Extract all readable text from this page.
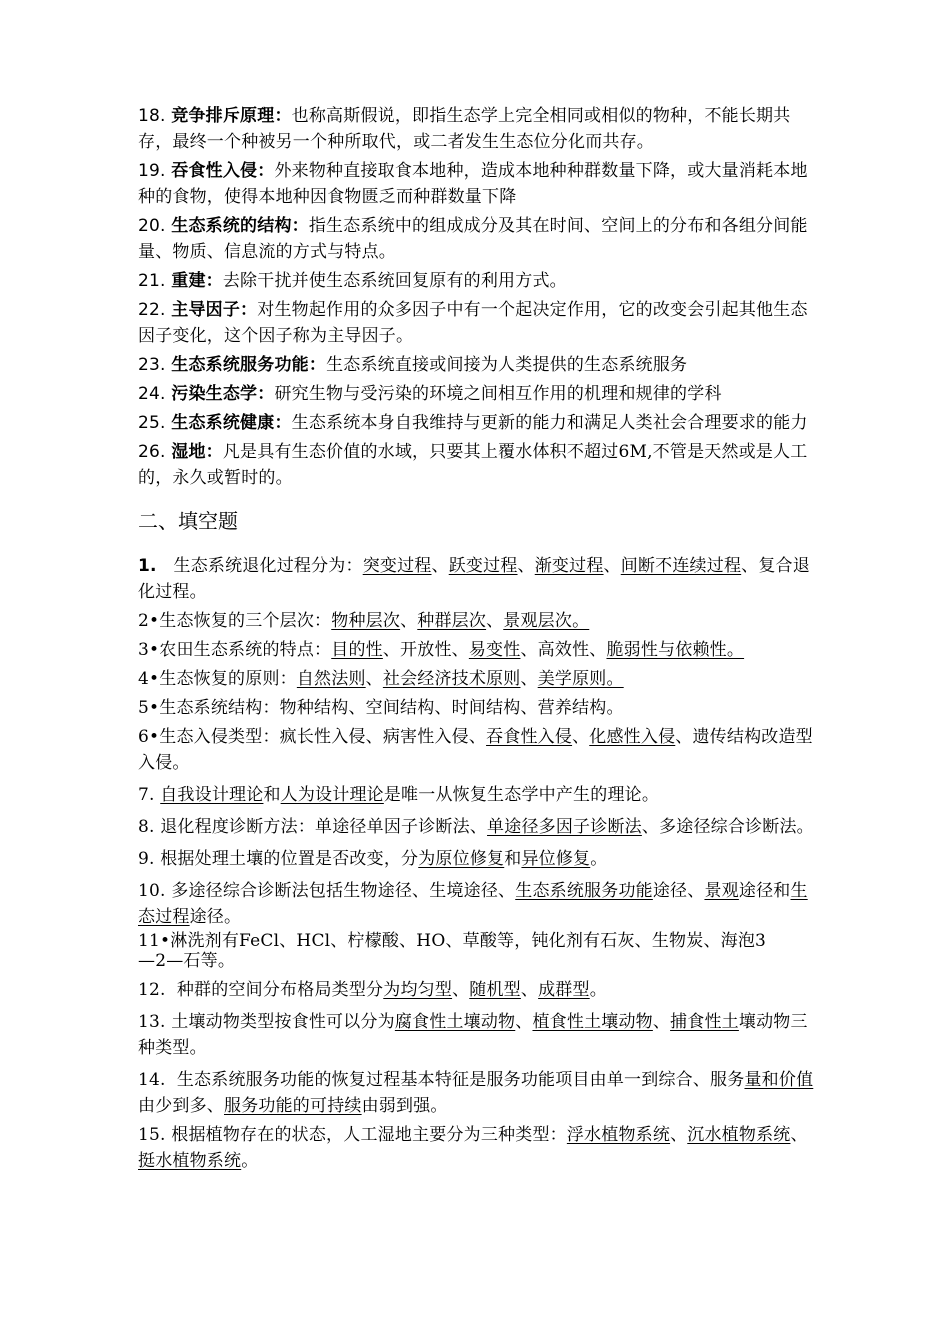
18. 竞争排斥原理：也称高斯假说，即指生态学上完全相同或相似的物种，不能长期共存，最终一个种被另一个种所取代，或二者发生生态位分化而共存。

19. 吞食性入侵：外来物种直接取食本地种，造成本地种种群数量下降，或大量消耗本地种的食物，使得本地种因食物匮乏而种群数量下降

20. 生态系统的结构：指生态系统中的组成成分及其在时间、空间上的分布和各组分间能量、物质、信息流的方式与特点。

21. 重建：去除干扰并使生态系统回复原有的利用方式。

22. 主导因子：对生物起作用的众多因子中有一个起决定作用，它的改变会引起其他生态因子变化，这个因子称为主导因子。

23. 生态系统服务功能：生态系统直接或间接为人类提供的生态系统服务

24. 污染生态学：研究生物与受污染的环境之间相互作用的机理和规律的学科

25. 生态系统健康：生态系统本身自我维持与更新的能力和满足人类社会合理要求的能力

26. 湿地：凡是具有生态价值的水域，只要其上覆水体积不超过6M,不管是天然或是人工的，永久或暂时的。

二、填空题

1. 生态系统退化过程分为：突变过程、跃变过程、渐变过程、间断不连续过程、复合退化过程。

2•生态恢复的三个层次：物种层次、种群层次、景观层次。

3•农田生态系统的特点：目的性、开放性、易变性、高效性、脆弱性与依赖性。

4•生态恢复的原则：自然法则、社会经济技术原则、美学原则。

5•生态系统结构：物种结构、空间结构、时间结构、营养结构。

6•生态入侵类型：疯长性入侵、病害性入侵、吞食性入侵、化感性入侵、遗传结构改造型入侵。

7. 自我设计理论和人为设计理论是唯一从恢复生态学中产生的理论。

8. 退化程度诊断方法：单途径单因子诊断法、单途径多因子诊断法、多途径综合诊断法。

9. 根据处理土壤的位置是否改变，分为原位修复和异位修复。

10. 多途径综合诊断法包括生物途径、生境途径、生态系统服务功能途径、景观途径和生态过程途径。

11•淋洗剂有FeCl、HCl、柠檬酸、HO、草酸等，钝化剂有石灰、生物炭、海泡3
—2—石等。

12. 种群的空间分布格局类型分为均匀型、随机型、成群型。

13. 土壤动物类型按食性可以分为腐食性土壤动物、植食性土壤动物、捕食性土壤动物三种类型。

14. 生态系统服务功能的恢复过程基本特征是服务功能项目由单一到综合、服务量和价值由少到多、服务功能的可持续由弱到强。

15. 根据植物存在的状态，人工湿地主要分为三种类型：浮水植物系统、沉水植物系统、挺水植物系统。
